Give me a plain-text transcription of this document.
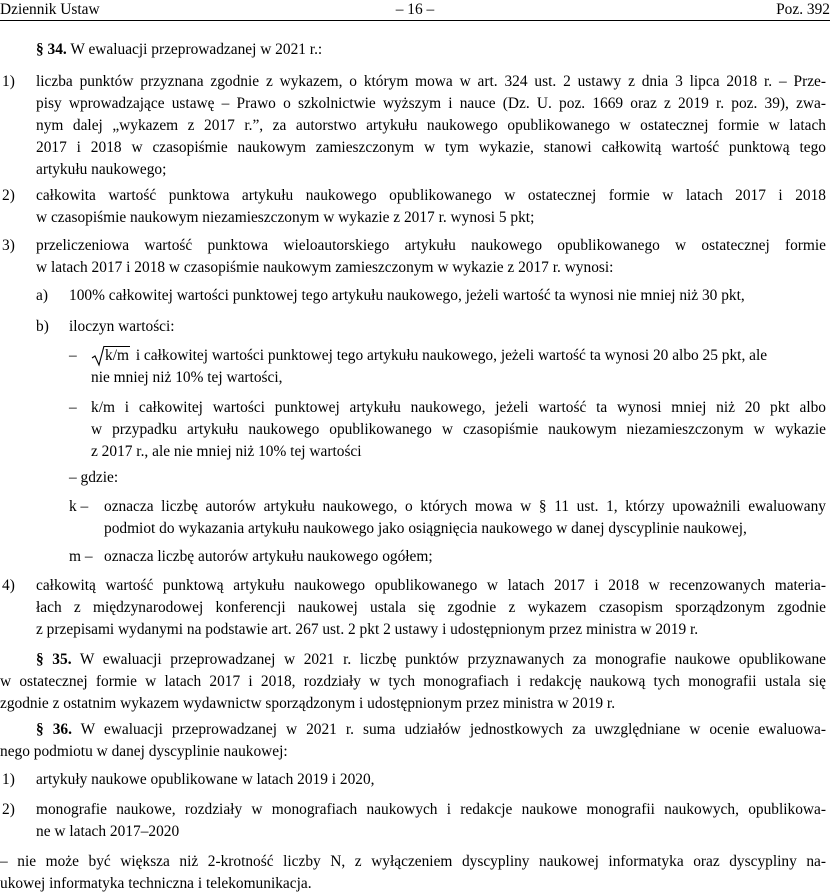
Dziennik Ustaw	– 16 –	Poz. 392
§ 34. W ewaluacji przeprowadzanej w 2021 r.:
1) liczba punktów przyznana zgodnie z wykazem, o którym mowa w art. 324 ust. 2 ustawy z dnia 3 lipca 2018 r. – Prze-
pisy wprowadzające ustawę – Prawo o szkolnictwie wyższym i nauce (Dz. U. poz. 1669 oraz z 2019 r. poz. 39), zwa-
nym dalej „wykazem z 2017 r.”, za autorstwo artykułu naukowego opublikowanego w ostatecznej formie w latach
2017 i 2018 w czasopiśmie naukowym zamieszczonym w tym wykazie, stanowi całkowitą wartość punktową tego
artykułu naukowego;
2) całkowita wartość punktowa artykułu naukowego opublikowanego w ostatecznej formie w latach 2017 i 2018
w czasopiśmie naukowym niezamieszczonym w wykazie z 2017 r. wynosi 5 pkt;
3) przeliczeniowa wartość punktowa wieloautorskiego artykułu naukowego opublikowanego w ostatecznej formie
w latach 2017 i 2018 w czasopiśmie naukowym zamieszczonym w wykazie z 2017 r. wynosi:
a) 100% całkowitej wartości punktowej tego artykułu naukowego, jeżeli wartość ta wynosi nie mniej niż 30 pkt,
b) iloczyn wartości:
–	k/m i całkowitej wartości punktowej tego artykułu naukowego, jeżeli wartość ta wynosi 20 albo 25 pkt, ale
nie mniej niż 10% tej wartości,
– k/m i całkowitej wartości punktowej artykułu naukowego, jeżeli wartość ta wynosi mniej niż 20 pkt albo
w przypadku artykułu naukowego opublikowanego w czasopiśmie naukowym niezamieszczonym w wykazie
z 2017 r., ale nie mniej niż 10% tej wartości
– gdzie:
k – oznacza liczbę autorów artykułu naukowego, o których mowa w § 11 ust. 1, którzy upoważnili ewaluowany
podmiot do wykazania artykułu naukowego jako osiągnięcia naukowego w danej dyscyplinie naukowej,
m – oznacza liczbę autorów artykułu naukowego ogółem;
4) całkowitą wartość punktową artykułu naukowego opublikowanego w latach 2017 i 2018 w recenzowanych materia-
łach z międzynarodowej konferencji naukowej ustala się zgodnie z wykazem czasopism sporządzonym zgodnie
z przepisami wydanymi na podstawie art. 267 ust. 2 pkt 2 ustawy i udostępnionym przez ministra w 2019 r.
§ 35. W ewaluacji przeprowadzanej w 2021 r. liczbę punktów przyznawanych za monografie naukowe opublikowane
w ostatecznej formie w latach 2017 i 2018, rozdziały w tych monografiach i redakcję naukową tych monografii ustala się
zgodnie z ostatnim wykazem wydawnictw sporządzonym i udostępnionym przez ministra w 2019 r.
§ 36. W ewaluacji przeprowadzanej w 2021 r. suma udziałów jednostkowych za uwzględniane w ocenie ewaluowa-
nego podmiotu w danej dyscyplinie naukowej:
1) artykuły naukowe opublikowane w latach 2019 i 2020,
2) monografie naukowe, rozdziały w monografiach naukowych i redakcje naukowe monografii naukowych, opublikowa-
ne w latach 2017–2020
– nie może być większa niż 2-krotność liczby N, z wyłączeniem dyscypliny naukowej informatyka oraz dyscypliny na-
ukowej informatyka techniczna i telekomunikacja.
